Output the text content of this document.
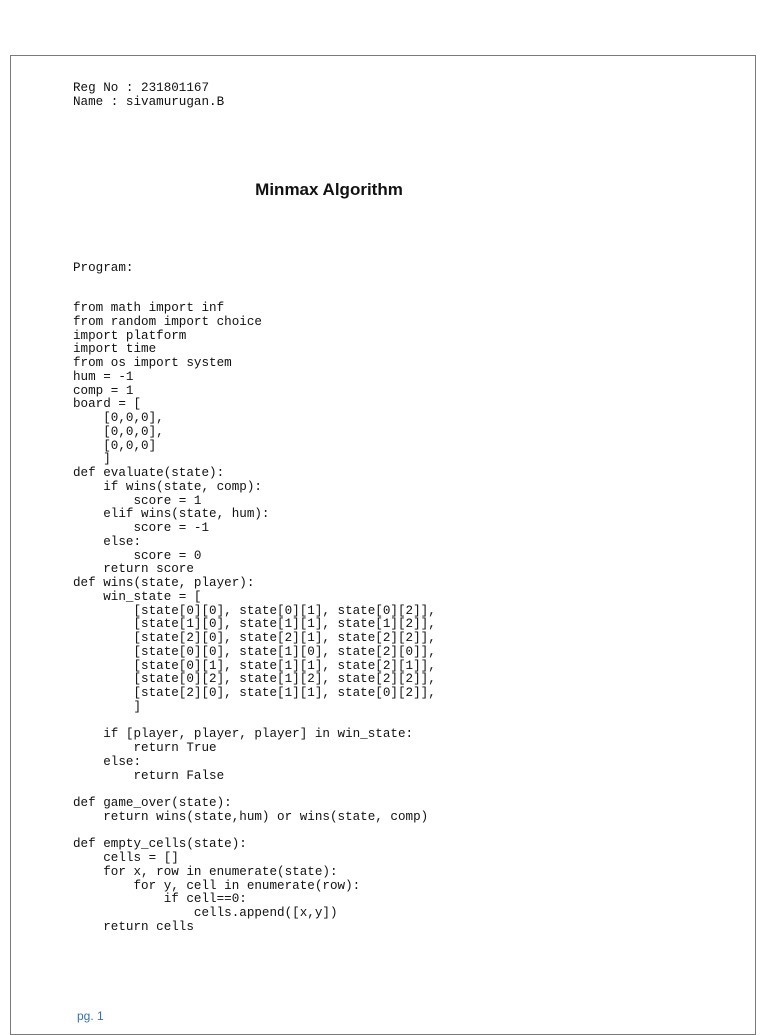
Reg No : 231801167
Name : sivamurugan.B
Minmax Algorithm
Program:
from math import inf
from random import choice
import platform
import time
from os import system
hum = -1
comp = 1
board = [
[0,0,0],
[0,0,0],
[0,0,0]
]
def evaluate(state):
if wins(state, comp):
score = 1
elif wins(state, hum):
score = -1
else:
score = 0
return score
def wins(state, player):
win_state = [
[state[0][0], state[0][1], state[0][2]],
[state[1][0], state[1][1], state[1][2]],
[state[2][0], state[2][1], state[2][2]],
[state[0][0], state[1][0], state[2][0]],
[state[0][1], state[1][1], state[2][1]],
[state[0][2], state[1][2], state[2][2]],
[state[2][0], state[1][1], state[0][2]],
]

if [player, player, player] in win_state:
return True
else:
return False

def game_over(state):
return wins(state,hum) or wins(state, comp)

def empty_cells(state):
cells = []
for x, row in enumerate(state):
for y, cell in enumerate(row):
if cell==0:
cells.append([x,y])
return cells
pg. 1
